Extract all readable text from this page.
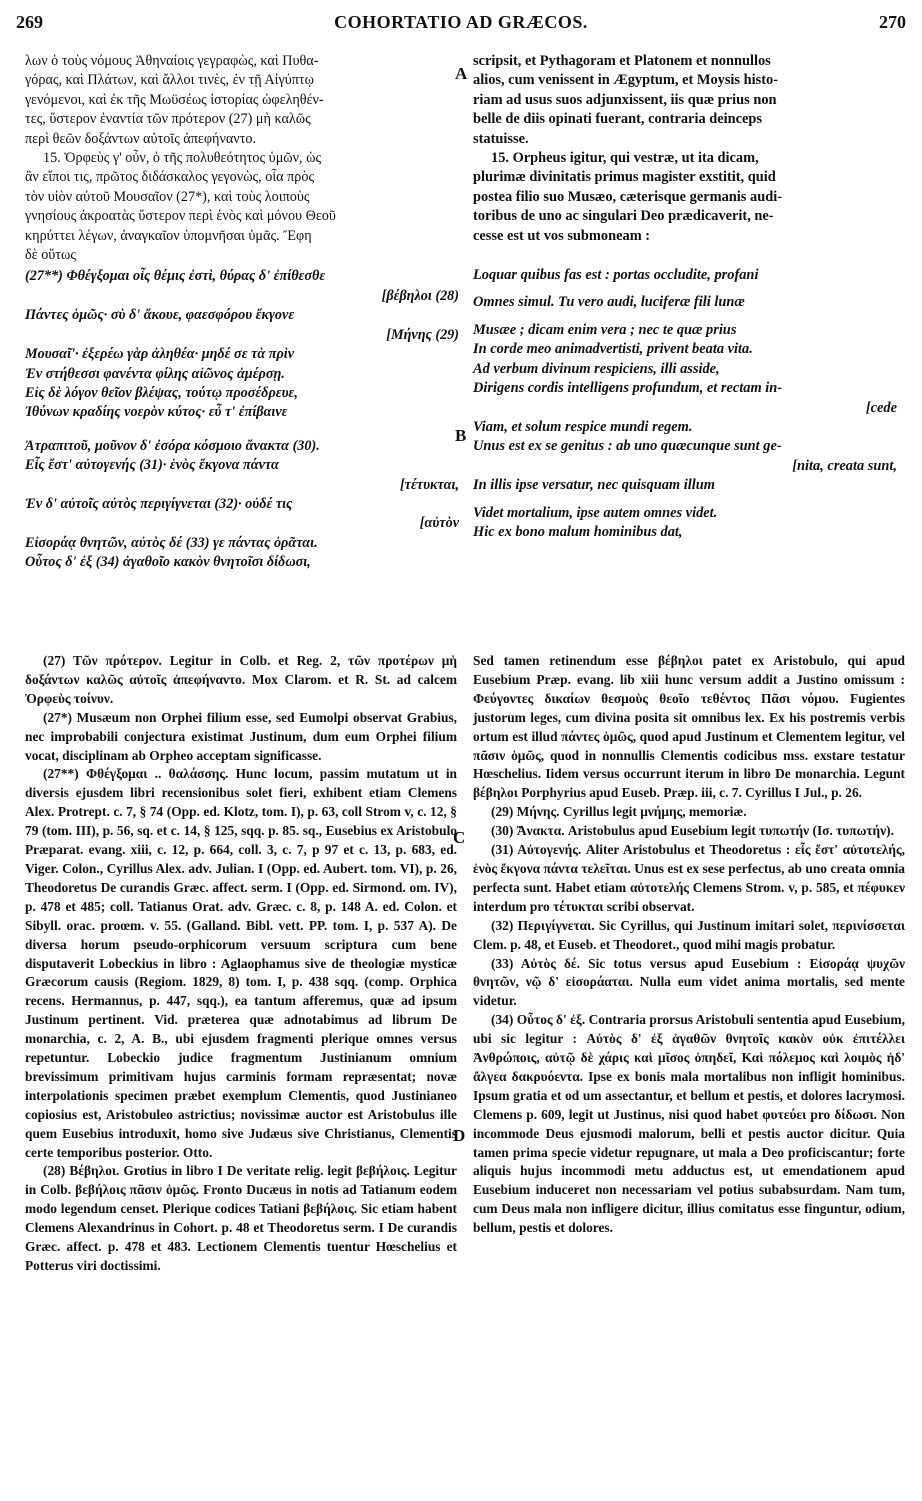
269	COHORTATIO AD GRÆCOS.	270
A
B
C
D

λων ὁ τοὺς νόμους Ἀθηναίοις γεγραφὼς, καὶ Πυθα-

γόρας, καὶ Πλάτων, καὶ ἄλλοι τινὲς, ἐν τῇ Αἰγύπτῳ

γενόμενοι, καὶ ἐκ τῆς Μωϋσέως ἱστορίας ὠφεληθέν-

τες, ὕστερον ἐναντία τῶν πρότερον (27) μὴ καλῶς

περὶ θεῶν δοξάντων αὐτοῖς ἀπεφήναντο.

15. Ὀρφεὺς γ' οὖν, ὁ τῆς πολυθεότητος ὑμῶν, ὡς

ἂν εἴποι τις, πρῶτος διδάσκαλος γεγονὼς, οἷα πρὸς

τὸν υἱὸν αὐτοῦ Μουσαῖον (27*), καὶ τοὺς λοιποὺς

γνησίους ἀκροατὰς ὕστερον περὶ ἑνὸς καὶ μόνου Θεοῦ

κηρύττει λέγων, ἀναγκαῖον ὑπομνῆσαι ὑμᾶς. Ἔφη

δὲ οὕτως

(27**) Φθέγξομαι οἷς θέμις ἐστὶ, θύρας δ' ἐπίθεσθε

[βέβηλοι (28)

Πάντες ὁμῶς· σὺ δ' ἄκουε, φαεσφόρου ἔκγονε

[Μήνης (29)

Μουσαῖ'· ἐξερέω γὰρ ἀληθέα· μηδέ σε τὰ πρὶν

Ἐν στήθεσσι φανέντα φίλης αἰῶνος ἀμέρσῃ.

Εἰς δὲ λόγον θεῖον βλέψας, τούτῳ προσέδρευε,

Ἰθύνων κραδίης νοερὸν κύτος· εὖ τ' ἐπίβαινε

Ἀτραπιτοῦ, μοῦνον δ' ἐσόρα κόσμοιο ἄνακτα (30).

Εἷς ἔστ' αὐτογενής (31)· ἑνὸς ἔκγονα πάντα

[τέτυκται,

Ἐν δ' αὐτοῖς αὐτὸς περιγίγνεται (32)· οὐδέ τις

[αὐτὸν

Εἰσοράᾳ θνητῶν, αὐτὸς δέ (33) γε πάντας ὁρᾶται.

Οὗτος δ' ἐξ (34) ἀγαθοῖο κακὸν θνητοῖσι δίδωσι,

scripsit, et Pythagoram et Platonem et nonnullos

alios, cum venissent in Ægyptum, et Moysis histo-

riam ad usus suos adjunxissent, iis quæ prius non

belle de diis opinati fuerant, contraria deinceps

statuisse.

15. Orpheus igitur, qui vestræ, ut ita dicam,

plurimæ divinitatis primus magister exstitit, quid

postea filio suo Musæo, cæterisque germanis audi-

toribus de uno ac singulari Deo prædicaverit, ne-

cesse est ut vos submoneam :

Loquar quibus fas est : portas occludite, profani

Omnes simul. Tu vero audi, luciferæ fili lunæ

Musæe ; dicam enim vera ; nec te quæ prius

In corde meo animadvertisti, privent beata vita.

Ad verbum divinum respiciens, illi asside,

Dirigens cordis intelligens profundum, et rectam in-

[cede

Viam, et solum respice mundi regem.

Unus est ex se genitus : ab uno quæcunque sunt ge-

[nita, creata sunt,

In illis ipse versatur, nec quisquam illum

Videt mortalium, ipse autem omnes videt.

Hic ex bono malum hominibus dat,

(27) Τῶν πρότερον. Legitur in Colb. et Reg. 2, τῶν προτέρων μὴ δοξάντων καλῶς αὐτοῖς ἀπεφήναντο. Mox Clarom. et R. St. ad calcem Ὀρφεὺς τοίνυν.

(27*) Musæum non Orphei filium esse, sed Eumolpi observat Grabius, nec improbabili conjectura existimat Justinum, dum eum Orphei filium vocat, disciplinam ab Orpheo acceptam significasse.

(27**) Φθέγξομαι .. θαλάσσης. Hunc locum, passim mutatum ut in diversis ejusdem libri recensionibus solet fieri, exhibent etiam Clemens Alex. Protrept. c. 7, § 74 (Opp. ed. Klotz, tom. I), p. 63, coll Strom v, c. 12, § 79 (tom. III), p. 56, sq. et c. 14, § 125, sqq. p. 85. sq., Eusebius ex Aristobulo Præparat. evang. xiii, c. 12, p. 664, coll. 3, c. 7, p 97 et c. 13, p. 683, ed. Viger. Colon., Cyrillus Alex. adv. Julian. I (Opp. ed. Aubert. tom. VI), p. 26, Theodoretus De curandis Græc. affect. serm. I (Opp. ed. Sirmond. om. IV), p. 478 et 485; coll. Tatianus Orat. adv. Græc. c. 8, p. 148 A. ed. Colon. et Sibyll. orac. proœm. v. 55. (Galland. Bibl. vett. PP. tom. I, p. 537 A). De diversa horum pseudo-orphicorum versuum scriptura cum bene disputaverit Lobeckius in libro : Aglaophamus sive de theologiæ mysticæ Græcorum causis (Regiom. 1829, 8) tom. I, p. 438 sqq. (comp. Orphica recens. Hermannus, p. 447, sqq.), ea tantum afferemus, quæ ad ipsum Justinum pertinent. Vid. præterea quæ adnotabimus ad librum De monarchia, c. 2, A. B., ubi ejusdem fragmenti plerique omnes versus repetuntur. Lobeckio judice fragmentum Justinianum omnium brevissimum primitivam hujus carminis formam repræsentat; novæ interpolationis specimen præbet exemplum Clementis, quod Justinianeo copiosius est, Aristobuleo astrictius; novissimæ auctor est Aristobulus ille quem Eusebius introduxit, homo sive Judæus sive Christianus, Clementis certe temporibus posterior. Otto.

(28) Βέβηλοι. Grotius in libro I De veritate relig. legit βεβήλοις. Legitur in Colb. βεβήλοις πᾶσιν ὁμῶς. Fronto Ducæus in notis ad Tatianum eodem modo legendum censet. Plerique codices Tatiani βεβήλοις. Sic etiam habent Clemens Alexandrinus in Cohort. p. 48 et Theodoretus serm. I De curandis Græc. affect. p. 478 et 483. Lectionem Clementis tuentur Hœschelius et Potterus viri doctissimi.

Sed tamen retinendum esse βέβηλοι patet ex Aristobulo, qui apud Eusebium Præp. evang. lib xiii hunc versum addit a Justino omissum : Φεύγοντες δικαίων θεσμοὺς θεοῖο τεθέντος Πᾶσι νόμου. Fugientes justorum leges, cum divina posita sit omnibus lex. Ex his postremis verbis ortum est illud πάντες ὁμῶς, quod apud Justinum et Clementem legitur, vel πᾶσιν ὁμῶς, quod in nonnullis Clementis codicibus mss. exstare testatur Hœschelius. Iidem versus occurrunt iterum in libro De monarchia. Legunt βέβηλοι Porphyrius apud Euseb. Præp. iii, c. 7. Cyrillus I Jul., p. 26.

(29) Μήνης. Cyrillus legit μνήμης, memoriæ.

(30) Ἄνακτα. Aristobulus apud Eusebium legit τυπωτήν (Ισ. τυπωτήν).

(31) Αὐτογενής. Aliter Aristobulus et Theodoretus : εἷς ἔστ' αὐτοτελής, ἑνὸς ἔκγονα πάντα τελεῖται. Unus est ex sese perfectus, ab uno creata omnia perfecta sunt. Habet etiam αὐτοτελής Clemens Strom. v, p. 585, et πέφυκεν interdum pro τέτυκται scribi observat.

(32) Περιγίγνεται. Sic Cyrillus, qui Justinum imitari solet, περινίσσεται Clem. p. 48, et Euseb. et Theodoret., quod mihi magis probatur.

(33) Αὐτὸς δέ. Sic totus versus apud Eusebium : Εἰσοράᾳ ψυχῶν θνητῶν, νῷ δ' εἰσοράαται. Nulla eum videt anima mortalis, sed mente videtur.

(34) Οὗτος δ' ἐξ. Contraria prorsus Aristobuli sententia apud Eusebium, ubi sic legitur : Αὐτὸς δ' ἐξ ἀγαθῶν θνητοῖς κακὸν οὐκ ἐπιτέλλει Ἀνθρώποις, αὐτῷ δὲ χάρις καὶ μῖσος ὀπηδεῖ, Καὶ πόλεμος καὶ λοιμὸς ἠδ' ἄλγεα δακρυόεντα. Ipse ex bonis mala mortalibus non infligit hominibus. Ipsum gratia et od um assectantur, et bellum et pestis, et dolores lacrymosi. Clemens p. 609, legit ut Justinus, nisi quod habet φυτεύει pro δίδωσι. Non incommode Deus ejusmodi malorum, belli et pestis auctor dicitur. Quia tamen prima specie videtur repugnare, ut mala a Deo proficiscantur; forte aliquis hujus incommodi metu adductus est, ut emendationem apud Eusebium induceret non necessariam vel potius subabsurdam. Nam tum, cum Deus mala non infligere dicitur, illius comitatus esse finguntur, odium, bellum, pestis et dolores.
